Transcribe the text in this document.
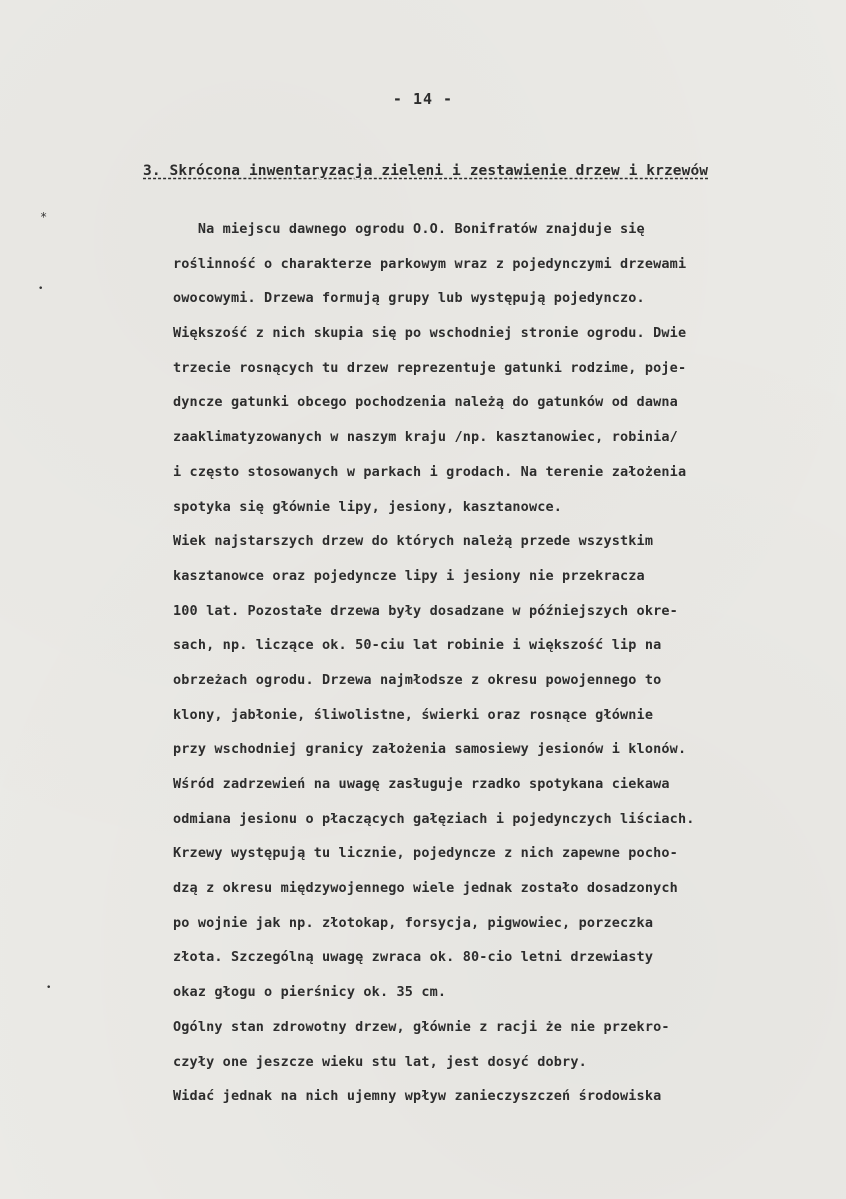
- 14 -
3. Skrócona inwentaryzacja zieleni i zestawienie drzew i krzewów
*
•
•
Na miejscu dawnego ogrodu O.O. Bonifratów znajduje się
roślinność o charakterze parkowym wraz z pojedynczymi drzewami
owocowymi. Drzewa formują grupy lub występują pojedynczo.
Większość z nich skupia się po wschodniej stronie ogrodu. Dwie
trzecie rosnących tu drzew reprezentuje gatunki rodzime, poje-
dyncze gatunki obcego pochodzenia należą do gatunków od dawna
zaaklimatyzowanych w naszym kraju /np. kasztanowiec, robinia/
i często stosowanych w parkach i grodach. Na terenie założenia
spotyka się głównie lipy, jesiony, kasztanowce.
Wiek najstarszych drzew do których należą przede wszystkim
kasztanowce oraz pojedyncze lipy i jesiony nie przekracza
100 lat. Pozostałe drzewa były dosadzane w późniejszych okre-
sach, np. liczące ok. 50-ciu lat robinie i większość lip na
obrzeżach ogrodu. Drzewa najmłodsze z okresu powojennego to
klony, jabłonie, śliwolistne, świerki oraz rosnące głównie
przy wschodniej granicy założenia samosiewy jesionów i klonów.
Wśród zadrzewień na uwagę zasługuje rzadko spotykana ciekawa
odmiana jesionu o płaczących gałęziach i pojedynczych liściach.
Krzewy występują tu licznie, pojedyncze z nich zapewne pocho-
dzą z okresu międzywojennego wiele jednak zostało dosadzonych
po wojnie jak np. złotokap, forsycja, pigwowiec, porzeczka
złota. Szczególną uwagę zwraca ok. 80-cio letni drzewiasty
okaz głogu o pierśnicy ok. 35 cm.
Ogólny stan zdrowotny drzew, głównie z racji że nie przekro-
czyły one jeszcze wieku stu lat, jest dosyć dobry.
Widać jednak na nich ujemny wpływ zanieczyszczeń środowiska
